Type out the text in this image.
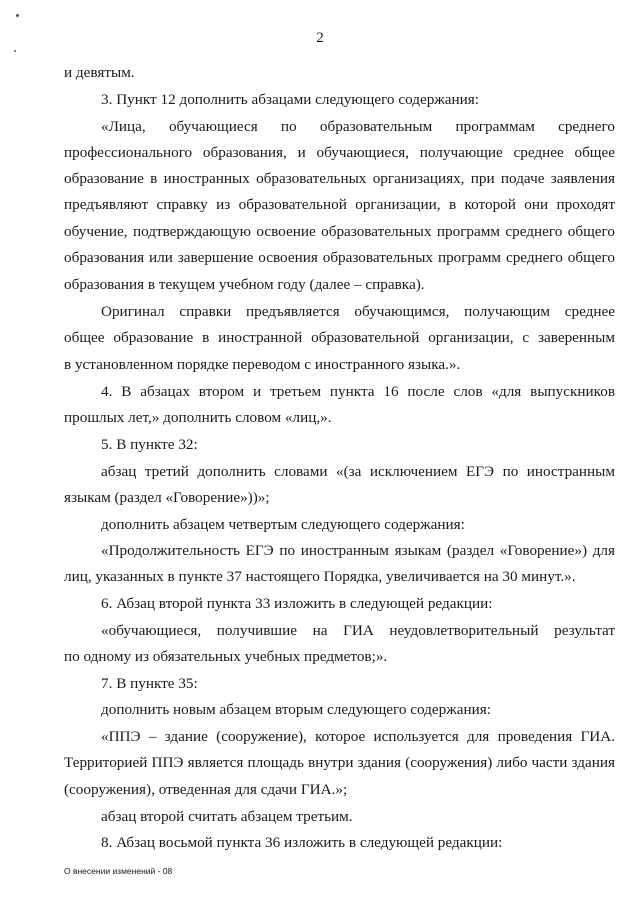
2
и девятым.
3. Пункт 12 дополнить абзацами следующего содержания:
«Лица, обучающиеся по образовательным программам среднего
профессионального образования, и обучающиеся, получающие среднее общее
образование в иностранных образовательных организациях, при подаче заявления
предъявляют справку из образовательной организации, в которой они проходят
обучение, подтверждающую освоение образовательных программ среднего общего
образования или завершение освоения образовательных программ среднего общего
образования в текущем учебном году (далее – справка).
Оригинал справки предъявляется обучающимся, получающим среднее
общее образование в иностранной образовательной организации, с заверенным
в установленном порядке переводом с иностранного языка.».
4. В абзацах втором и третьем пункта 16 после слов «для выпускников
прошлых лет,» дополнить словом «лиц,».
5. В пункте 32:
абзац третий дополнить словами «(за исключением ЕГЭ по иностранным
языкам (раздел «Говорение»))»;
дополнить абзацем четвертым следующего содержания:
«Продолжительность ЕГЭ по иностранным языкам (раздел «Говорение») для
лиц, указанных в пункте 37 настоящего Порядка, увеличивается на 30 минут.».
6. Абзац второй пункта 33 изложить в следующей редакции:
«обучающиеся, получившие на ГИА неудовлетворительный результат
по одному из обязательных учебных предметов;».
7. В пункте 35:
дополнить новым абзацем вторым следующего содержания:
«ППЭ – здание (сооружение), которое используется для проведения ГИА.
Территорией ППЭ является площадь внутри здания (сооружения) либо части здания
(сооружения), отведенная для сдачи ГИА.»;
абзац второй считать абзацем третьим.
8. Абзац восьмой пункта 36 изложить в следующей редакции:
О внесении изменений - 08
